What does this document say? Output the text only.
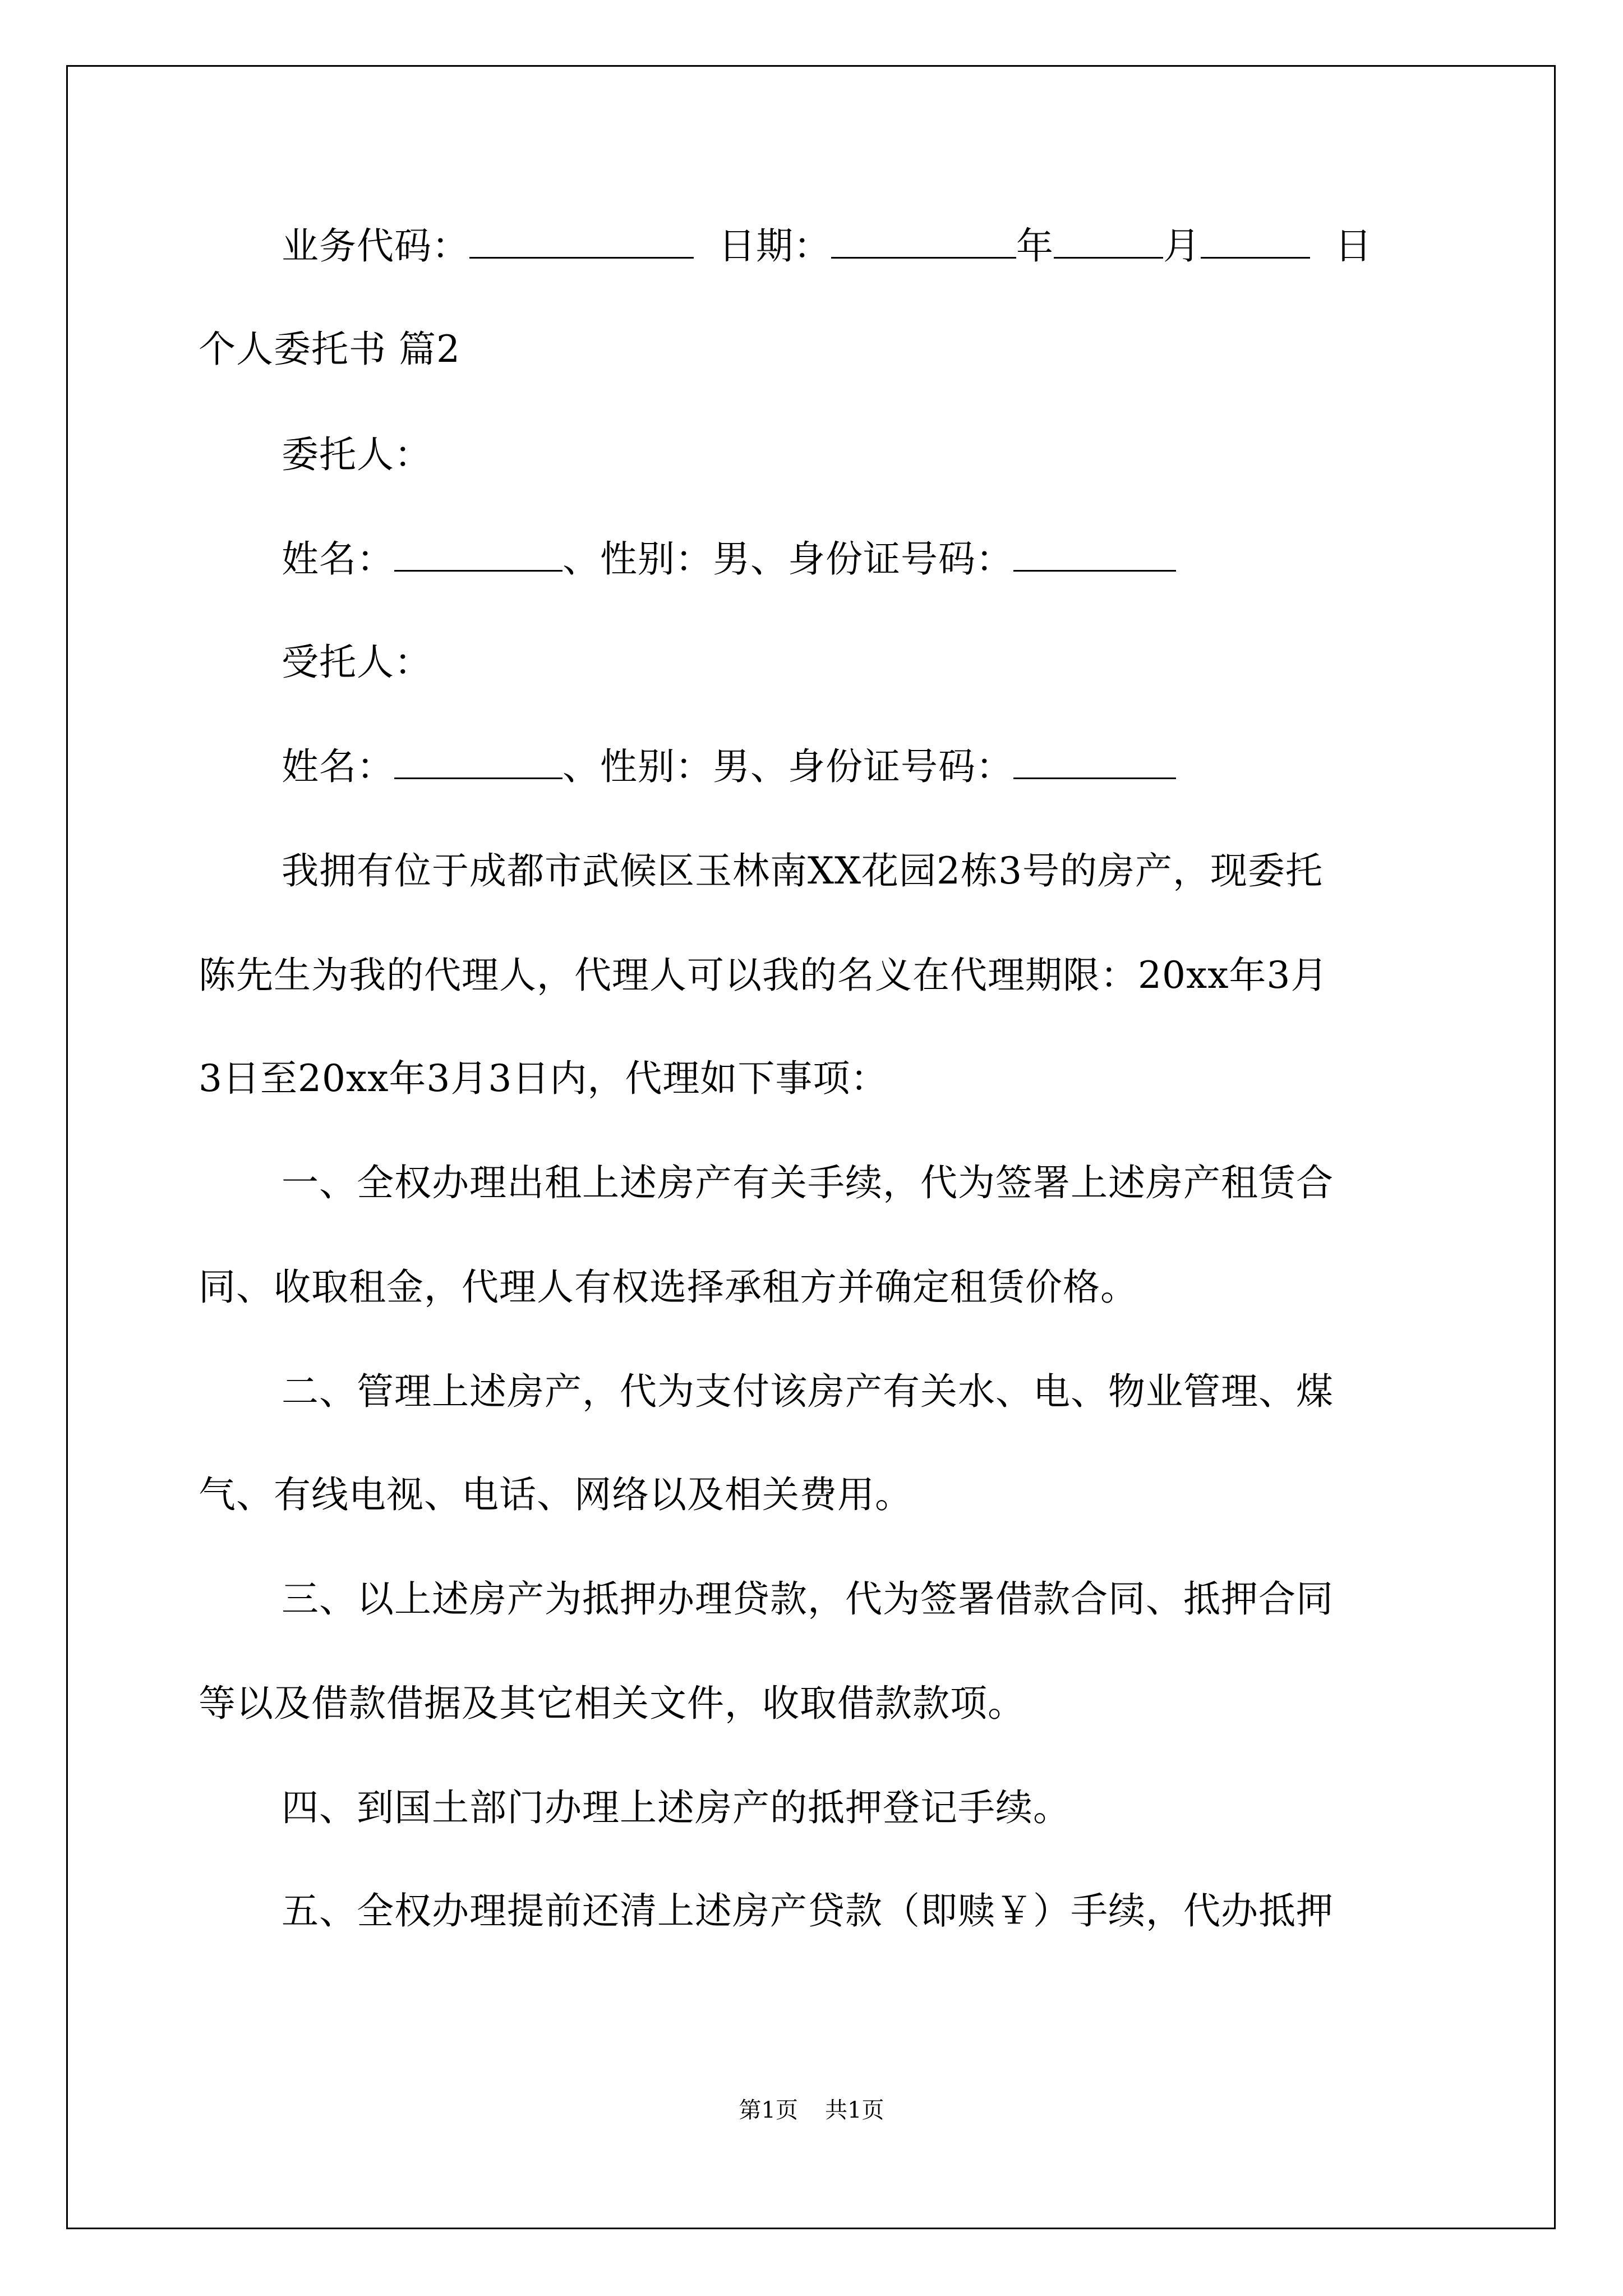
业务代码：	日期：	年	月	日
个人委托书 篇2
委托人：
姓名：	、性别：男、身份证号码：
受托人：
姓名：	、性别：男、身份证号码：
我拥有位于成都市武候区玉林南XX花园2栋3号的房产，现委托
陈先生为我的代理人，代理人可以我的名义在代理期限：20xx年3月
3日至20xx年3月3日内，代理如下事项：
一、全权办理出租上述房产有关手续，代为签署上述房产租赁合
同、收取租金，代理人有权选择承租方并确定租赁价格。
二、管理上述房产，代为支付该房产有关水、电、物业管理、煤
气、有线电视、电话、网络以及相关费用。
三、以上述房产为抵押办理贷款，代为签署借款合同、抵押合同
等以及借款借据及其它相关文件，收取借款款项。
四、到国土部门办理上述房产的抵押登记手续。
五、全权办理提前还清上述房产贷款（即赎￥）手续，代办抵押
第1页 共1页
